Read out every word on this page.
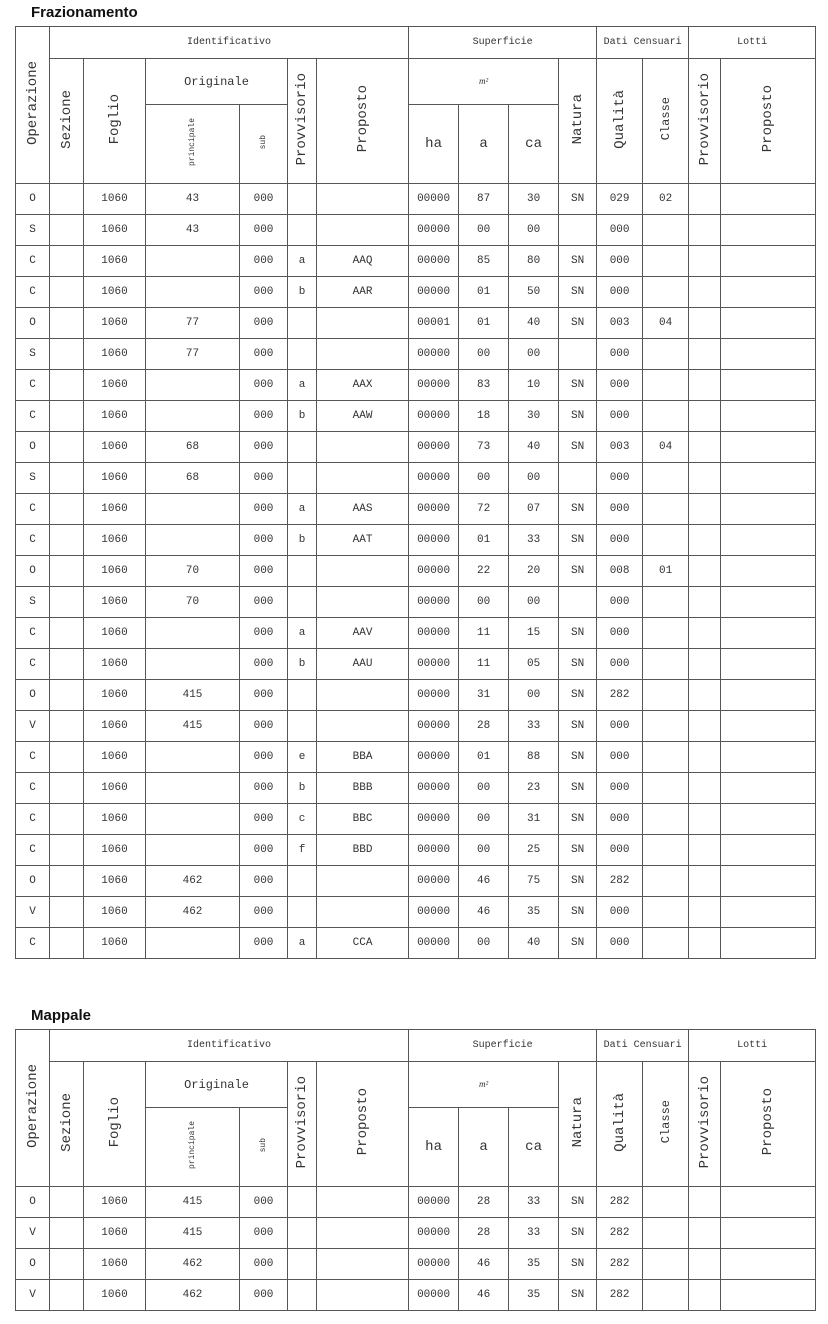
Frazionamento
Operazione	Identificativo						Superficie				Dati Censuari		Lotti	
	Sezione	Foglio	Originale		Provvisorio	Proposto	m²			Natura	Qualità	Classe	Provvisorio	Proposto
			principale	sub			ha	a	ca					
O		1060	43	000			00000	87	30	SN	029	02		
S		1060	43	000			00000	00	00		000			
C		1060		000	a	AAQ	00000	85	80	SN	000			
C		1060		000	b	AAR	00000	01	50	SN	000			
O		1060	77	000			00001	01	40	SN	003	04		
S		1060	77	000			00000	00	00		000			
C		1060		000	a	AAX	00000	83	10	SN	000			
C		1060		000	b	AAW	00000	18	30	SN	000			
O		1060	68	000			00000	73	40	SN	003	04		
S		1060	68	000			00000	00	00		000			
C		1060		000	a	AAS	00000	72	07	SN	000			
C		1060		000	b	AAT	00000	01	33	SN	000			
O		1060	70	000			00000	22	20	SN	008	01		
S		1060	70	000			00000	00	00		000			
C		1060		000	a	AAV	00000	11	15	SN	000			
C		1060		000	b	AAU	00000	11	05	SN	000			
O		1060	415	000			00000	31	00	SN	282			
V		1060	415	000			00000	28	33	SN	000			
C		1060		000	e	BBA	00000	01	88	SN	000			
C		1060		000	b	BBB	00000	00	23	SN	000			
C		1060		000	c	BBC	00000	00	31	SN	000			
C		1060		000	f	BBD	00000	00	25	SN	000			
O		1060	462	000			00000	46	75	SN	282			
V		1060	462	000			00000	46	35	SN	000			
C		1060		000	a	CCA	00000	00	40	SN	000			
Mappale
Operazione	Identificativo						Superficie				Dati Censuari		Lotti	
	Sezione	Foglio	Originale		Provvisorio	Proposto	m²			Natura	Qualità	Classe	Provvisorio	Proposto
			principale	sub			ha	a	ca					
O		1060	415	000			00000	28	33	SN	282			
V		1060	415	000			00000	28	33	SN	282			
O		1060	462	000			00000	46	35	SN	282			
V		1060	462	000			00000	46	35	SN	282			
